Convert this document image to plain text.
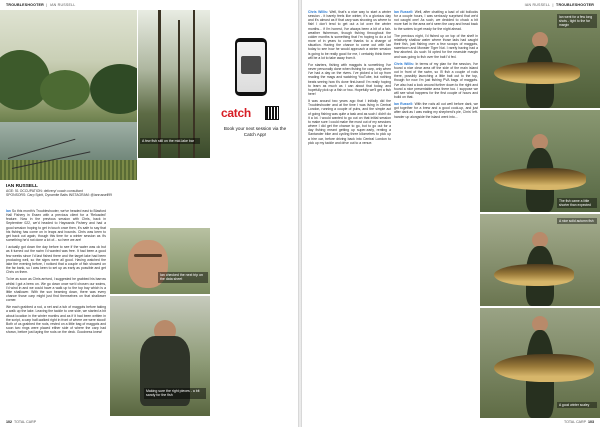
TROUBLESHOOTER  |  IAN RUSSELL
A few fish still on the mid-lake bar
catch
Book your next session via the Catch App!
IAN RUSSELL
AGE: 51 OCCUPATION: delivery/ coach consultant
SPONSORS: Carp Spirit, Dynamite Baits INSTAGRAM: @ianrussell99

Ian So this month's Troubleshooter, we've headed east to Blasford Hall Fishery in Essex with a previous client for a 'Reloaded' feature. Now in the previous session with Chris, back in September 022, we'd headed to Haywards Fishery and had a good session hoping to get in touch once then, it's safe to say that his fishing has come on in leaps and bounds. Chris was keen to get back out again, though this time for a winter session as it's something he'd not done a lot of... so here we are!

I actually got down the day before to see if the water was ok but as it turned out the swim I'd wanted was free. It had been a good few weeks since I'd last fished there and the target lake had been producing well, so the signs were all good. Having watched the lake the evening before, I noticed that a couple of fish showed on the far bank, so I was keen to set up as early as possible and get Chris on them.

To be as soon as Chris arrived, I suggested he grabbed his barrow whilst I got a brew on. We go down once we'd chosen our swims, I'd wind in and we could have a walk up to the top bay which is a little shallower. With the sun beaming down, there was every chance those carp might just find themselves on that shallower corner.

We each grabbed a rod, a net and a tub of maggots before taking a walk up the lake. Leaving the tackle to one side, we started a bit about location in the winter months and as if it had been written in the script, a carp half-walked right in front of where we were stood! Both of us grabbed the rods, rested on a little bag of maggots and soon two rings were placed either side of where the carp had shown, before just laying the rods on the deck. Goodness knew!

Ian checked the next trip on the data sheet
Making sure the right pieces - a bit sandy for the fish
102 TOTAL CARP
IAN RUSSELL  |  TROUBLESHOOTER

Chris Willis: Well, that's a nice way to start a winter session - it barely feels like winter, it's a glorious day and it's almost as if that carp was showing us where to fish! I don't tend to get out a lot over the winter months... if I'm honest, I've always been a bit of a fair-weather fisherman, though fishing throughout the colder months is something that I'm hoping to do a lot more of in years to come thanks to a change of situation. Having the chance to come out with Ian today to see how he would approach a winter session is going to be really good for me, I certainly think there will be a lot to take away from it.

For starters, fishing with maggots is something I've never personally done when fishing for carp, only when I've had a day on the rivers. I've picked a lot up from reading the mags and watching YouTube, but nothing beats seeing how it's done first-hand! I'm really hoping to learn as much as I can about that today, and hopefully pick up a fish or two. Hopefully we'll get a fish here!

It was around two years ago that I initially did the Troubleshooter and at the time I was living in Central London, running a couple of pubs, and the simple act of going fishing was quite a task and as such I didn't do it a lot. I would wanted to go out on that initial session to make sure I could make the most out of my sessions where I did get the chance to go, but to go out for a day fishing meant getting up super-early, renting a Santander bike and cycling three kilometres to pick up a hire car, before driving back into Central London to pick up my tackle and drive out to a venue.

Ian Russell: Well, after chatting a load of old bollocks for a couple hours, I was seriously surprised that we'd not caught one! As such, we decided to chuck a bit more fuel in the area we'd seen the carp and head back to the swims to get ready for the night ahead.

The previous night, I'd fished up on top of the shelf in relatively shallow water where those lads had caught their fish, just fishing over a few scoops of maggots, sweetcorn and Monster Tiger Nut. I rarely having had a few aborted. As such I'd opted for the nearside margin and was going to fish over the bait I'd fed.

Chris Willis: In terms of my plan for the session, I've found a nice clear area off the side of the main island out in front of the swim, so I'll fish a couple of rods there, possibly launching a little bait out to the top, though for now I'm just fishing PVA bags of maggots. I've also had a look around further down to the right and found a nice presentable area there too. I suppose we will see what happens for the first couple of hours and build on that.

Ian Russell: With the rods all out well before dark, we got together for a brew and a good cook-up, and just after dark as I was eating my shepherd's pie, Chris' left-hander up alongside the island went into...

Ian went for a few long shots - tight to the far margin
The fish came a little shorter than expected
A nice solid autumn fish
A good winter scaley
TOTAL CARP 103
